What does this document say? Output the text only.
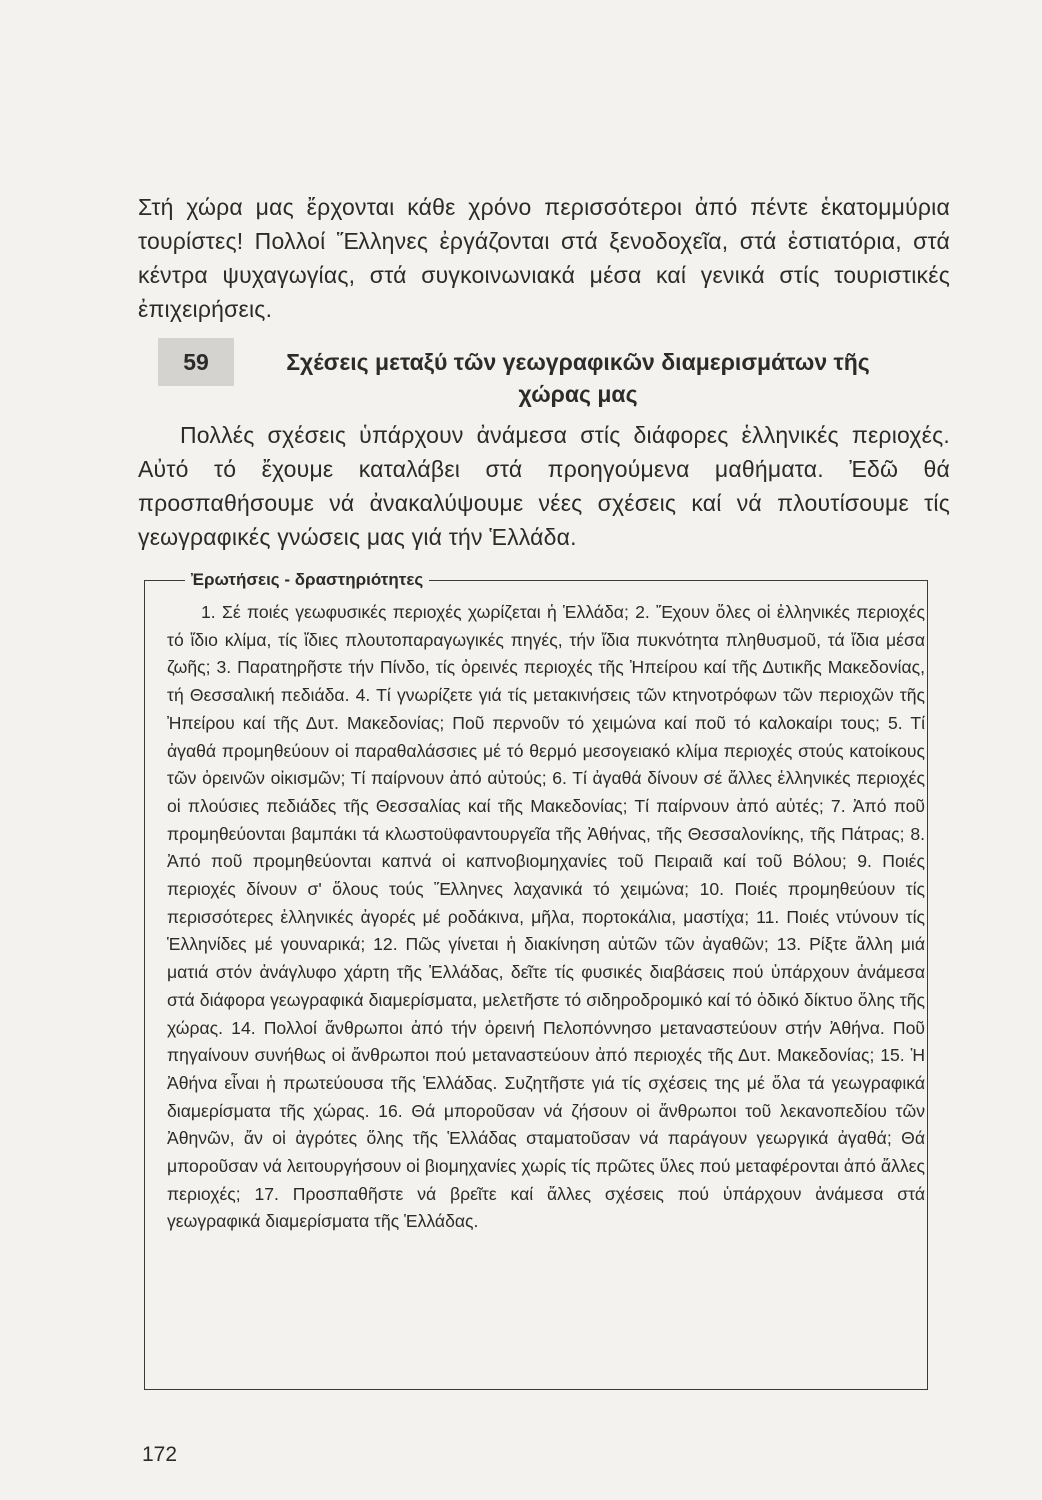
Στή χώρα μας ἔρχονται κάθε χρόνο περισσότεροι ἀπό πέντε ἑκατομμύρια τουρίστες! Πολλοί Ἕλληνες ἐργάζονται στά ξενοδοχεῖα, στά ἑστιατόρια, στά κέντρα ψυχαγωγίας, στά συγκοινωνιακά μέσα καί γενικά στίς τουριστικές ἐπιχειρήσεις.

59	Σχέσεις μεταξύ τῶν γεωγραφικῶν διαμερισμάτων τῆς χώρας μας

Πολλές σχέσεις ὑπάρχουν ἀνάμεσα στίς διάφορες ἑλληνικές περιοχές. Αὐτό τό ἔχουμε καταλάβει στά προηγούμενα μαθήματα. Ἐδῶ θά προσπαθήσουμε νά ἀνακαλύψουμε νέες σχέσεις καί νά πλουτίσουμε τίς γεωγραφικές γνώσεις μας γιά τήν Ἑλλάδα.

Ἐρωτήσεις - δραστηριότητες

1. Σέ ποιές γεωφυσικές περιοχές χωρίζεται ἡ Ἑλλάδα; 2. Ἔχουν ὅλες οἱ ἑλληνικές περιοχές τό ἴδιο κλίμα, τίς ἴδιες πλουτοπαραγωγικές πηγές, τήν ἴδια πυκνότητα πληθυσμοῦ, τά ἴδια μέσα ζωῆς; 3. Παρατηρῆστε τήν Πίνδο, τίς ὀρεινές περιοχές τῆς Ἠπείρου καί τῆς Δυτικῆς Μακεδονίας, τή Θεσσαλική πεδιάδα. 4. Τί γνωρίζετε γιά τίς μετακινήσεις τῶν κτηνοτρόφων τῶν περιοχῶν τῆς Ἠπείρου καί τῆς Δυτ. Μακεδονίας; Ποῦ περνοῦν τό χειμώνα καί ποῦ τό καλοκαίρι τους; 5. Τί ἀγαθά προμηθεύουν οἱ παραθαλάσσιες μέ τό θερμό μεσογειακό κλίμα περιοχές στούς κατοίκους τῶν ὀρεινῶν οἰκισμῶν; Τί παίρνουν ἀπό αὐτούς; 6. Τί ἀγαθά δίνουν σέ ἄλλες ἑλληνικές περιοχές οἱ πλούσιες πεδιάδες τῆς Θεσσαλίας καί τῆς Μακεδονίας; Τί παίρνουν ἀπό αὐτές; 7. Ἀπό ποῦ προμηθεύονται βαμπάκι τά κλωστοϋφαντουργεῖα τῆς Ἀθήνας, τῆς Θεσσαλονίκης, τῆς Πάτρας; 8. Ἀπό ποῦ προμηθεύονται καπνά οἱ καπνοβιομηχανίες τοῦ Πειραιᾶ καί τοῦ Βόλου; 9. Ποιές περιοχές δίνουν σ' ὅλους τούς Ἕλληνες λαχανικά τό χειμώνα; 10. Ποιές προμηθεύουν τίς περισσότερες ἑλληνικές ἀγορές μέ ροδάκινα, μῆλα, πορτοκάλια, μαστίχα; 11. Ποιές ντύνουν τίς Ἑλληνίδες μέ γουναρικά; 12. Πῶς γίνεται ἡ διακίνηση αὐτῶν τῶν ἀγαθῶν; 13. Ρίξτε ἄλλη μιά ματιά στόν ἀνάγλυφο χάρτη τῆς Ἑλλάδας, δεῖτε τίς φυσικές διαβάσεις πού ὑπάρχουν ἀνάμεσα στά διάφορα γεωγραφικά διαμερίσματα, μελετῆστε τό σιδηροδρομικό καί τό ὁδικό δίκτυο ὅλης τῆς χώρας. 14. Πολλοί ἄνθρωποι ἀπό τήν ὀρεινή Πελοπόννησο μεταναστεύουν στήν Ἀθήνα. Ποῦ πηγαίνουν συνήθως οἱ ἄνθρωποι πού μεταναστεύουν ἀπό περιοχές τῆς Δυτ. Μακεδονίας; 15. Ἡ Ἀθήνα εἶναι ἡ πρωτεύουσα τῆς Ἑλλάδας. Συζητῆστε γιά τίς σχέσεις της μέ ὅλα τά γεωγραφικά διαμερίσματα τῆς χώρας. 16. Θά μποροῦσαν νά ζήσουν οἱ ἄνθρωποι τοῦ λεκανοπεδίου τῶν Ἀθηνῶν, ἄν οἱ ἀγρότες ὅλης τῆς Ἑλλάδας σταματοῦσαν νά παράγουν γεωργικά ἀγαθά; Θά μποροῦσαν νά λειτουργήσουν οἱ βιομηχανίες χωρίς τίς πρῶτες ὕλες πού μεταφέρονται ἀπό ἄλλες περιοχές; 17. Προσπαθῆστε νά βρεῖτε καί ἄλλες σχέσεις πού ὑπάρχουν ἀνάμεσα στά γεωγραφικά διαμερίσματα τῆς Ἑλλάδας.

172
